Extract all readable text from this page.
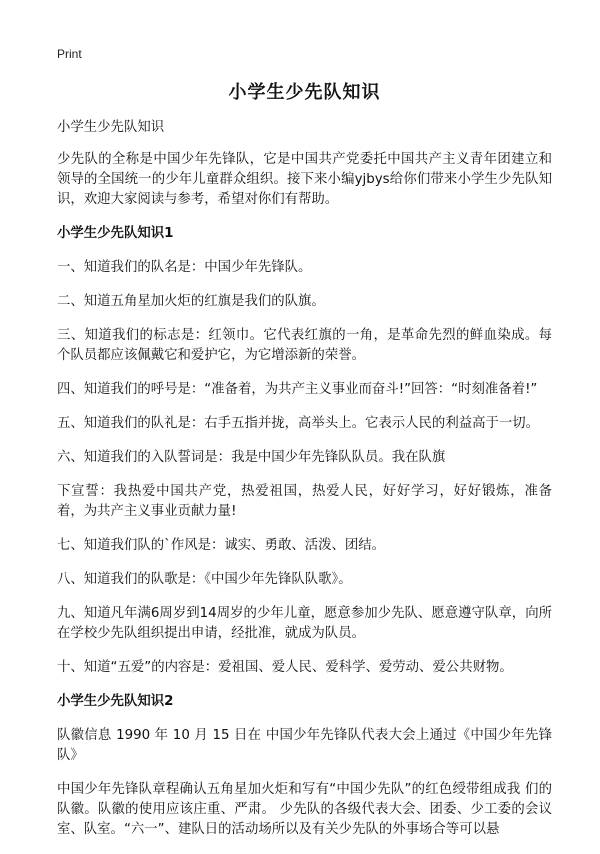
Print
小学生少先队知识

小学生少先队知识

少先队的全称是中国少年先锋队，它是中国共产党委托中国共产主义青年团建立和领导的全国统一的少年儿童群众组织。接下来小编yjbys给你们带来小学生少先队知识，欢迎大家阅读与参考，希望对你们有帮助。

小学生少先队知识1

一、知道我们的队名是：中国少年先锋队。

二、知道五角星加火炬的红旗是我们的队旗。

三、知道我们的标志是：红领巾。它代表红旗的一角，是革命先烈的鲜血染成。每个队员都应该佩戴它和爱护它，为它增添新的荣誉。

四、知道我们的呼号是：“准备着，为共产主义事业而奋斗!”回答：“时刻准备着!”

五、知道我们的队礼是：右手五指并拢，高举头上。它表示人民的利益高于一切。

六、知道我们的入队誓词是：我是中国少年先锋队队员。我在队旗

下宣誓：我热爱中国共产党，热爱祖国，热爱人民，好好学习，好好锻炼，准备着，为共产主义事业贡献力量!

七、知道我们队的`作风是：诚实、勇敢、活泼、团结。

八、知道我们的队歌是：《中国少年先锋队队歌》。

九、知道凡年满6周岁到14周岁的少年儿童，愿意参加少先队、愿意遵守队章，向所在学校少先队组织提出申请，经批准，就成为队员。

十、知道“五爱”的内容是：爱祖国、爱人民、爱科学、爱劳动、爱公共财物。

小学生少先队知识2

队徽信息 1990 年 10 月 15 日在 中国少年先锋队代表大会上通过《中国少年先锋队》

中国少年先锋队章程确认五角星加火炬和写有“中国少先队”的红色绶带组成我 们的队徽。队徽的使用应该庄重、严肃。 少先队的各级代表大会、团委、少工委的会议室、队室。“六一”、建队日的活动场所以及有关少先队的外事场合等可以悬
